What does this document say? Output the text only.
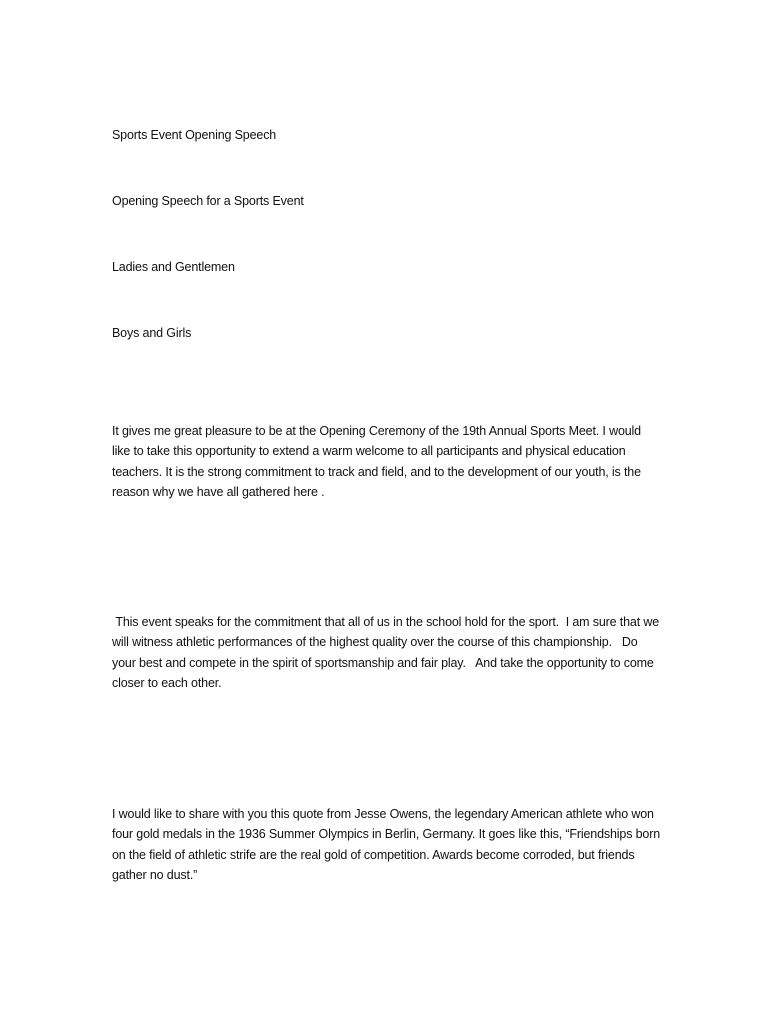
Sports Event Opening Speech
Opening Speech for a Sports Event
Ladies and Gentlemen
Boys and Girls
It gives me great pleasure to be at the Opening Ceremony of the 19th Annual Sports Meet. I would like to take this opportunity to extend a warm welcome to all participants and physical education teachers. It is the strong commitment to track and field, and to the development of our youth, is the reason why we have all gathered here .
This event speaks for the commitment that all of us in the school hold for the sport.  I am sure that we will witness athletic performances of the highest quality over the course of this championship.   Do your best and compete in the spirit of sportsmanship and fair play.   And take the opportunity to come closer to each other.
I would like to share with you this quote from Jesse Owens, the legendary American athlete who won four gold medals in the 1936 Summer Olympics in Berlin, Germany. It goes like this, “Friendships born on the field of athletic strife are the real gold of competition. Awards become corroded, but friends gather no dust.”
